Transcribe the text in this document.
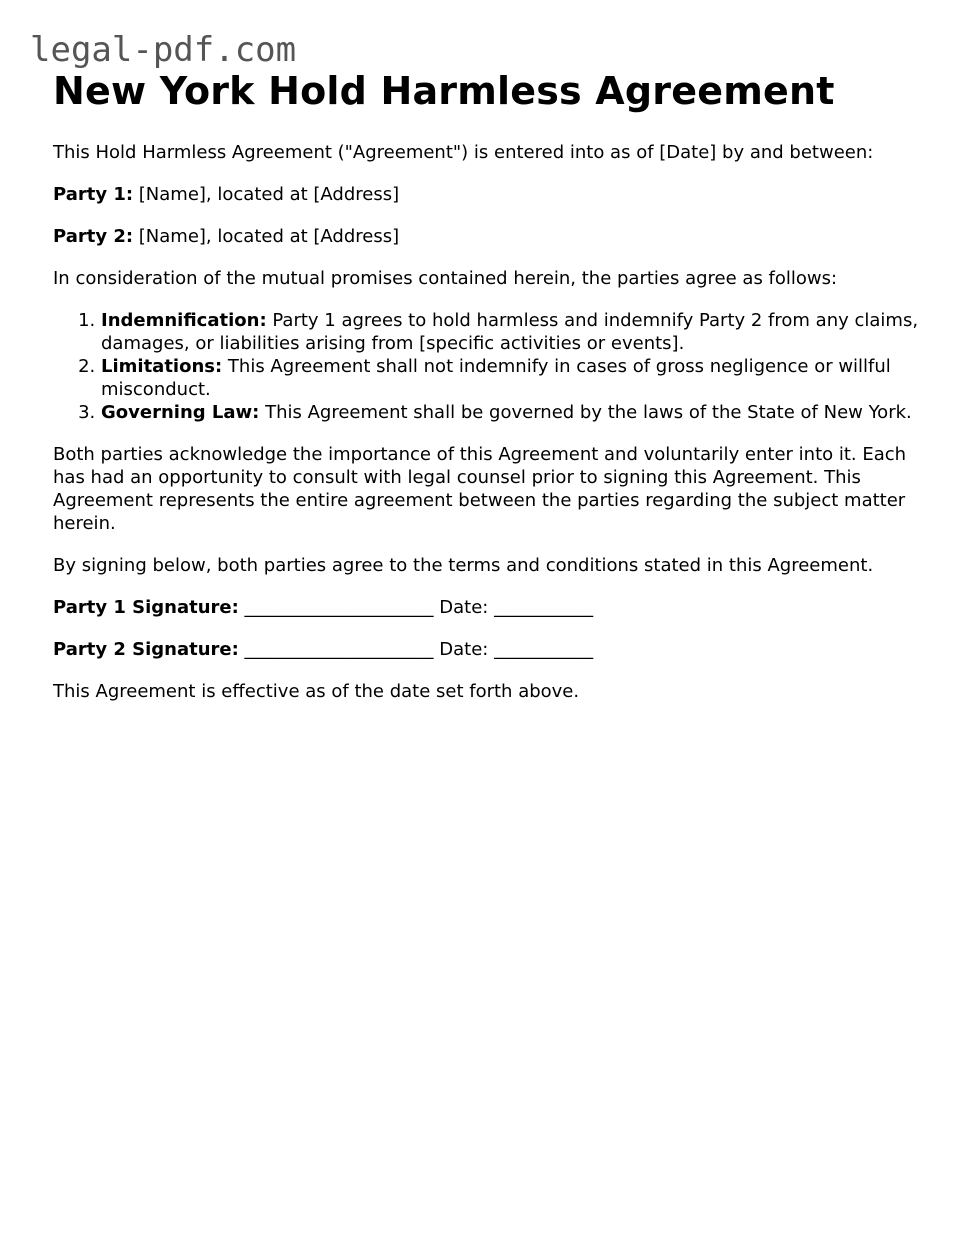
legal-pdf.com
New York Hold Harmless Agreement

This Hold Harmless Agreement ("Agreement") is entered into as of [Date] by and between:

Party 1: [Name], located at [Address]

Party 2: [Name], located at [Address]

In consideration of the mutual promises contained herein, the parties agree as follows:

1. Indemnification: Party 1 agrees to hold harmless and indemnify Party 2 from any claims, damages, or liabilities arising from [specific activities or events].
2. Limitations: This Agreement shall not indemnify in cases of gross negligence or willful misconduct.
3. Governing Law: This Agreement shall be governed by the laws of the State of New York.

Both parties acknowledge the importance of this Agreement and voluntarily enter into it. Each has had an opportunity to consult with legal counsel prior to signing this Agreement. This Agreement represents the entire agreement between the parties regarding the subject matter herein.

By signing below, both parties agree to the terms and conditions stated in this Agreement.

Party 1 Signature: _____________________ Date: ___________

Party 2 Signature: _____________________ Date: ___________

This Agreement is effective as of the date set forth above.
